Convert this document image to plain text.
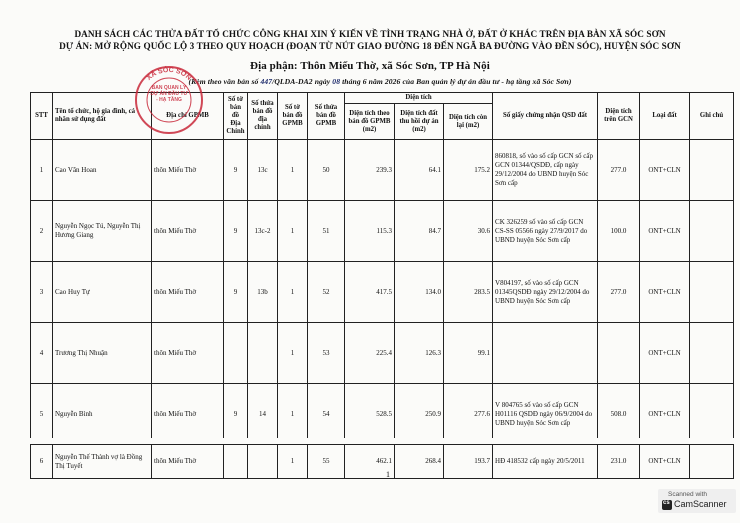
DANH SÁCH CÁC THỬA ĐẤT TỔ CHỨC CÔNG KHAI XIN Ý KIẾN VỀ TÌNH TRẠNG NHÀ Ở, ĐẤT Ở KHÁC TRÊN ĐỊA BÀN XÃ SÓC SƠN
DỰ ÁN: MỞ RỘNG QUỐC LỘ 3 THEO QUY HOẠCH (ĐOẠN TỪ NÚT GIAO ĐƯỜNG 18 ĐẾN NGÃ BA ĐƯỜNG VÀO ĐỀN SÓC), HUYỆN SÓC SƠN
Địa phận: Thôn Miếu Thờ, xã Sóc Sơn, TP Hà Nội
(Kèm theo văn bản số 447/QLDA-DA2 ngày 08 tháng 6 năm 2026 của Ban quản lý dự án đầu tư - hạ tầng xã Sóc Sơn)
STT	Tên tổ chức, hộ gia đình, cá nhân sử dụng đất	Địa chỉ GPMB	Số tờ bản đồ Địa Chính	Số thửa bản đồ địa chính	Số tờ bản đồ GPMB	Số thửa bản đồ GPMB	Diện tích			Số giấy chứng nhận QSD đất	Diện tích trên GCN	Loại đất	Ghi chú
							Diện tích theo bản đồ GPMB (m2)	Diện tích đất thu hồi dự án (m2)	Diện tích còn lại (m2)				
1	Cao Văn Hoan	thôn Miếu Thờ	9	13c	1	50	239.3	64.1	175.2	860818, số vào số cấp GCN số cấp GCN 01344/QSDĐ, cấp ngày 29/12/2004 do UBND huyện Sóc Sơn cấp	277.0	ONT+CLN	
2	Nguyễn Ngọc Tú, Nguyễn Thị Hương Giang	thôn Miếu Thờ	9	13c-2	1	51	115.3	84.7	30.6	CK 326259 số vào số cấp GCN CS-SS 05566 ngày 27/9/2017 do UBND huyện Sóc Sơn cấp	100.0	ONT+CLN	
3	Cao Huy Tự	thôn Miếu Thờ	9	13b	1	52	417.5	134.0	283.5	V804197, số vào số cấp GCN 01345QSDĐ ngày 29/12/2004 do UBND huyện Sóc Sơn cấp	277.0	ONT+CLN	
4	Trương Thị Nhuận	thôn Miếu Thờ			1	53	225.4	126.3	99.1			ONT+CLN	
5	Nguyễn Bình	thôn Miếu Thờ	9	14	1	54	528.5	250.9	277.6	V 804765 số vào số cấp GCN H01116 QSDĐ ngày 06/9/2004 do UBND huyện Sóc Sơn cấp	508.0	ONT+CLN	
6	Nguyễn Thế Thành vợ là Đồng Thị Tuyết	thôn Miếu Thờ			1	55	462.1	268.4	193.7	HĐ 418532 cấp ngày 20/5/2011	231.0	ONT+CLN	
XÃ SÓC SƠN
BAN QUẢN LÝ DỰ ÁN ĐẦU TƯ - HẠ TẦNG
1
Scanned with
cs
CamScanner
